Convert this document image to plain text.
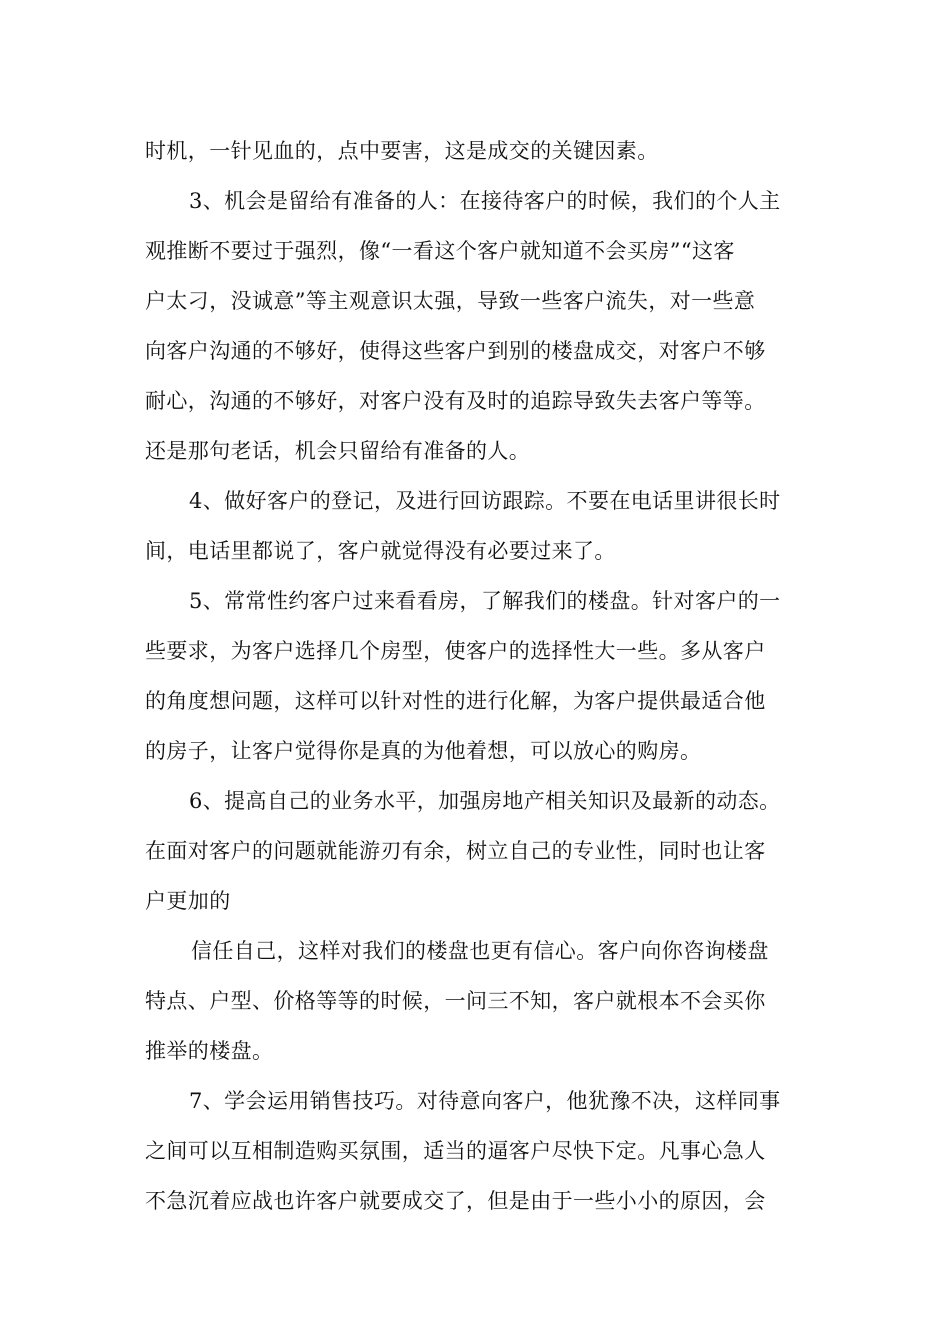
时机，一针见血的，点中要害，这是成交的关键因素。
3、机会是留给有准备的人：在接待客户的时候，我们的个人主
观推断不要过于强烈，像“一看这个客户就知道不会买房”“这客
户太刁，没诚意”等主观意识太强，导致一些客户流失，对一些意
向客户沟通的不够好，使得这些客户到别的楼盘成交，对客户不够
耐心，沟通的不够好，对客户没有及时的追踪导致失去客户等等。
还是那句老话，机会只留给有准备的人。
4、做好客户的登记，及进行回访跟踪。不要在电话里讲很长时
间，电话里都说了，客户就觉得没有必要过来了。
5、常常性约客户过来看看房，了解我们的楼盘。针对客户的一
些要求，为客户选择几个房型，使客户的选择性大一些。多从客户
的角度想问题，这样可以针对性的进行化解，为客户提供最适合他
的房子，让客户觉得你是真的为他着想，可以放心的购房。
6、提高自己的业务水平，加强房地产相关知识及最新的动态。
在面对客户的问题就能游刃有余，树立自己的专业性，同时也让客
户更加的
信任自己，这样对我们的楼盘也更有信心。客户向你咨询楼盘
特点、户型、价格等等的时候，一问三不知，客户就根本不会买你
推举的楼盘。
7、学会运用销售技巧。对待意向客户，他犹豫不决，这样同事
之间可以互相制造购买氛围，适当的逼客户尽快下定。凡事心急人
不急沉着应战也许客户就要成交了，但是由于一些小小的原因，会
